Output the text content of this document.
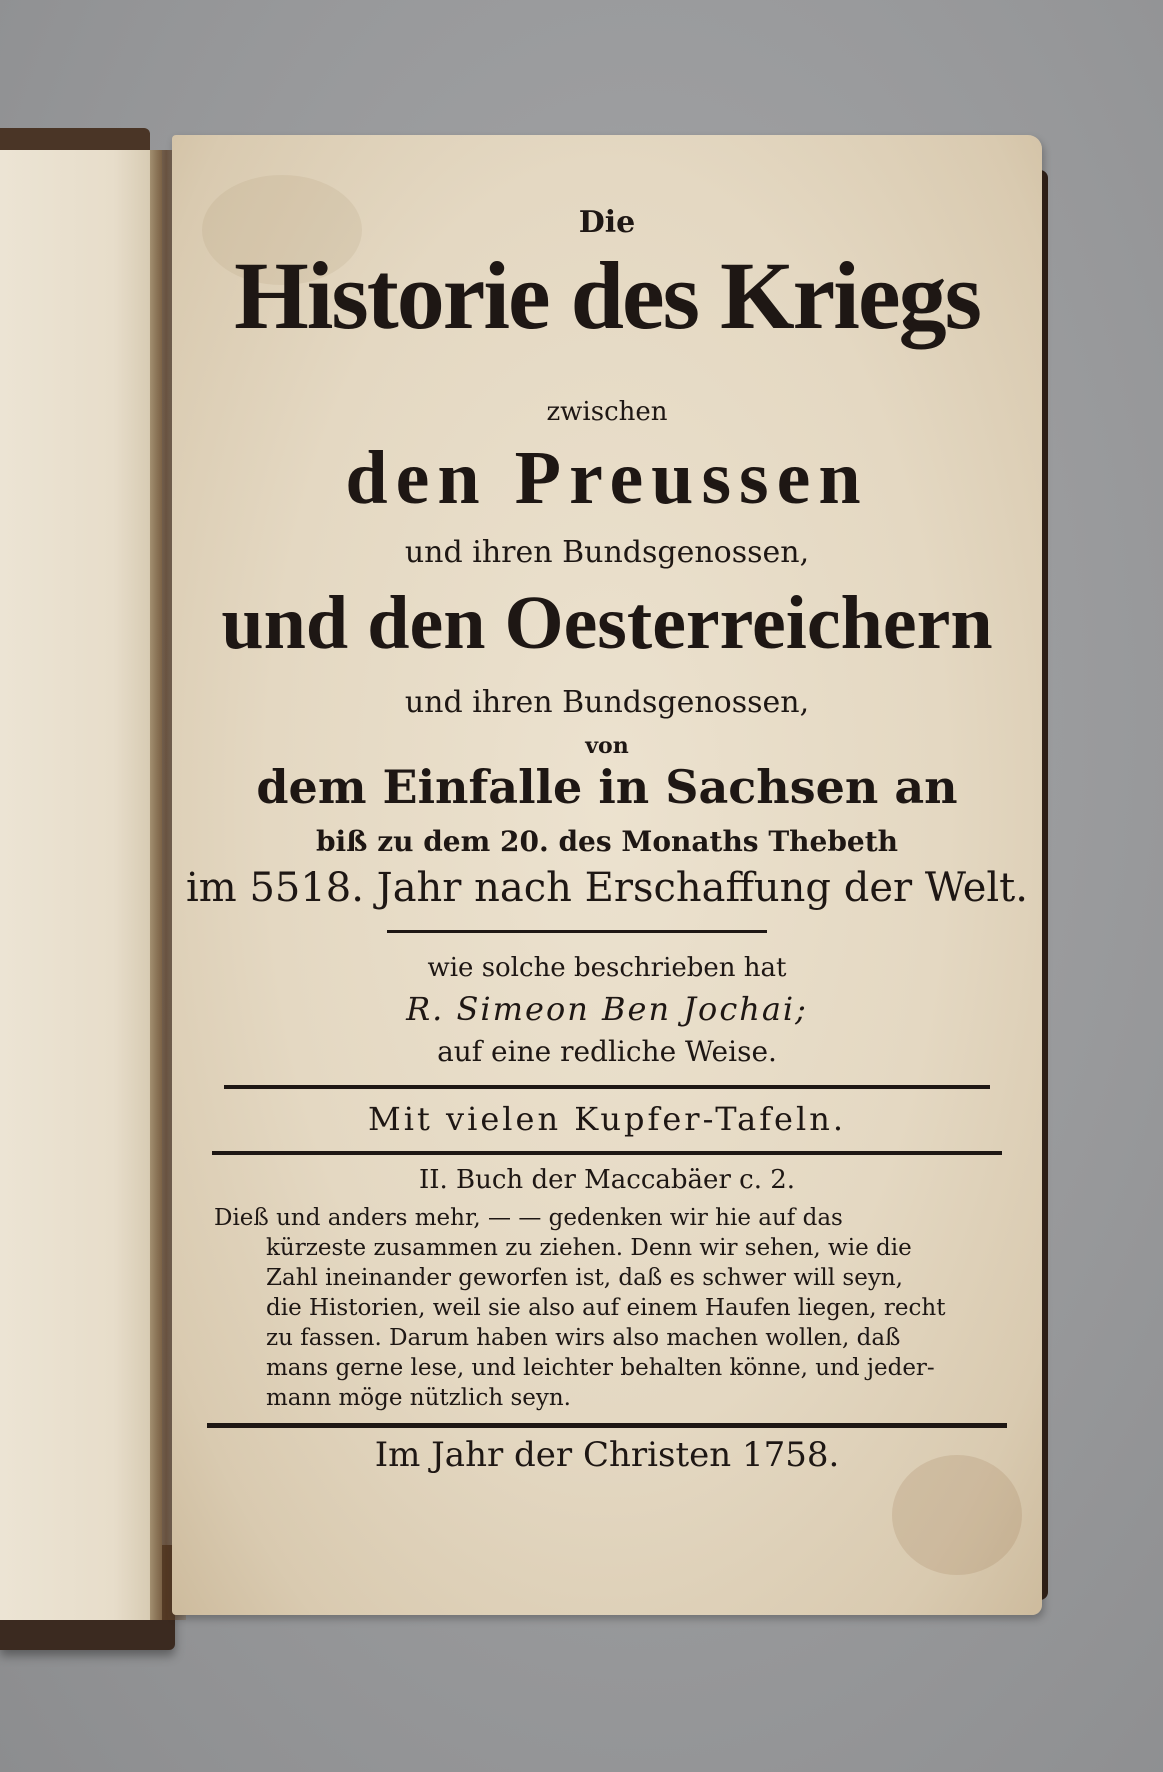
Die
Historie des Kriegs
zwischen
den Preussen
und ihren Bundsgenossen,
und den Oesterreichern
und ihren Bundsgenossen,
von
dem Einfalle in Sachsen an
biß zu dem 20. des Monaths Thebeth
im 5518. Jahr nach Erschaffung der Welt.
wie solche beschrieben hat
R. Simeon Ben Jochai;
auf eine redliche Weise.
Mit vielen Kupfer-Tafeln.
II. Buch der Maccabäer c. 2.
Dieß und anders mehr, — — gedenken wir hie auf das
kürzeste zusammen zu ziehen. Denn wir sehen, wie die
Zahl ineinander geworfen ist, daß es schwer will seyn,
die Historien, weil sie also auf einem Haufen liegen, recht
zu fassen. Darum haben wirs also machen wollen, daß
mans gerne lese, und leichter behalten könne, und jeder-
mann möge nützlich seyn.
Im Jahr der Christen 1758.
